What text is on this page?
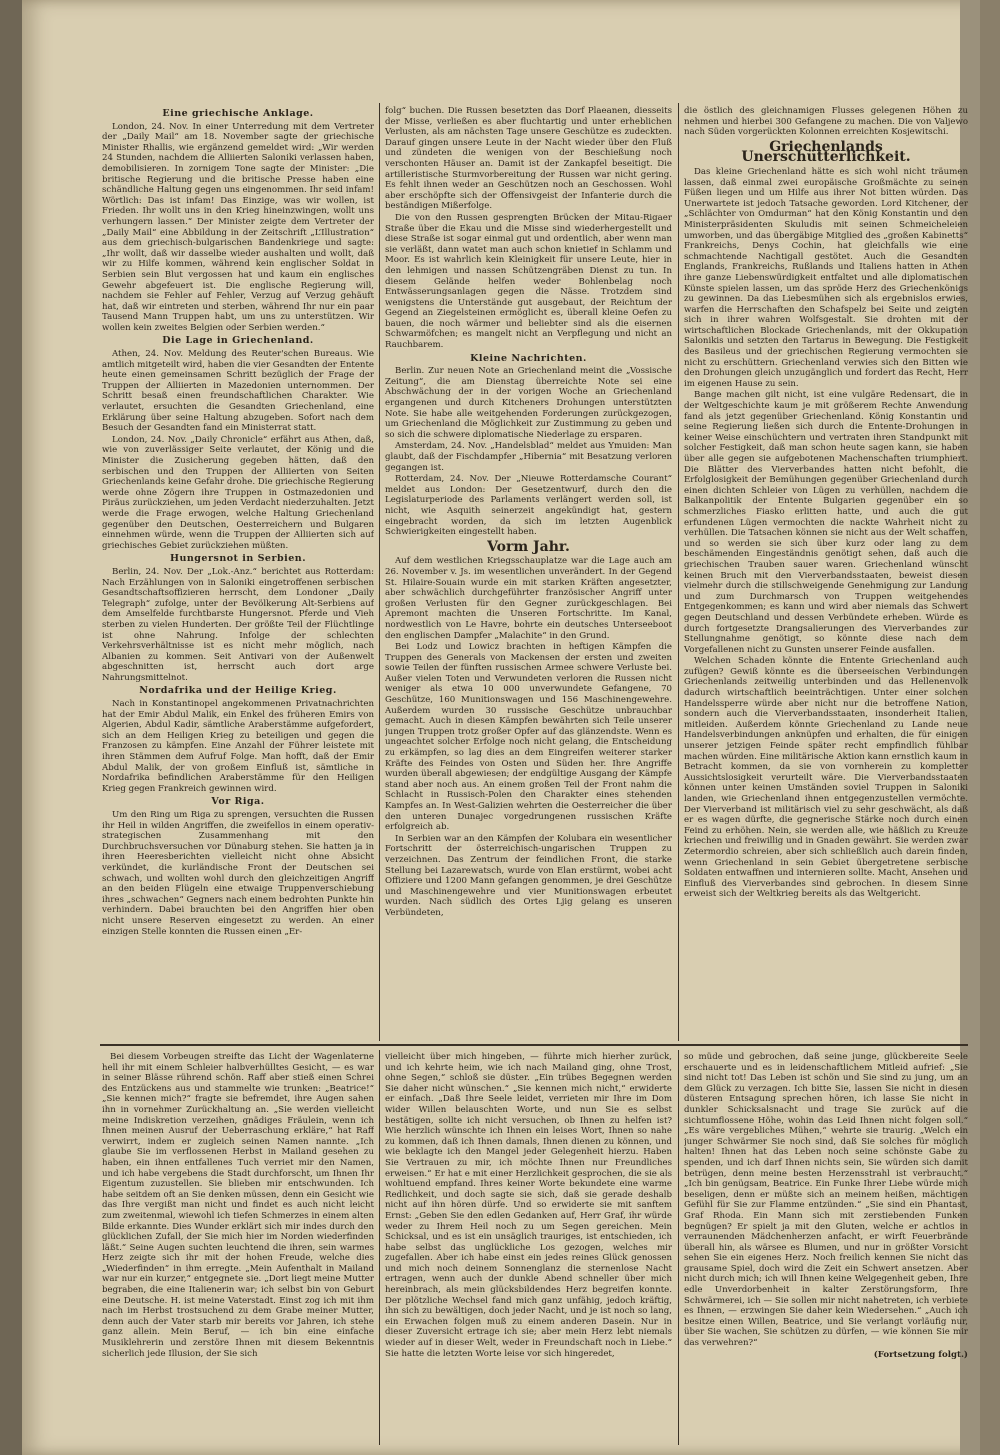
Eine griechische Anklage.

London, 24. Nov. In einer Unterredung mit dem Vertreter der „Daily Mail“ am 18. November sagte der griechische Minister Rhallis, wie ergänzend gemeldet wird: „Wir werden 24 Stunden, nachdem die Alliierten Saloniki verlassen haben, demobilisieren. In zornigem Tone sagte der Minister: „Die britische Regierung und die britische Presse haben eine schändliche Haltung gegen uns eingenommen. Ihr seid infam! Wörtlich: Das ist infam! Das Einzige, was wir wollen, ist Frieden. Ihr wollt uns in den Krieg hineinzwingen, wollt uns verhungern lassen.“ Der Minister zeigte dem Vertreter der „Daily Mail“ eine Abbildung in der Zeitschrift „L’Illustration“ aus dem griechisch-bulgarischen Bandenkriege und sagte: „Ihr wollt, daß wir dasselbe wieder aushalten und wollt, daß wir zu Hilfe kommen, während kein englischer Soldat in Serbien sein Blut vergossen hat und kaum ein englisches Gewehr abgefeuert ist. Die englische Regierung will, nachdem sie Fehler auf Fehler, Verzug auf Verzug gehäuft hat, daß wir eintreten und sterben, während Ihr nur ein paar Tausend Mann Truppen habt, um uns zu unterstützen. Wir wollen kein zweites Belgien oder Serbien werden.“

Die Lage in Griechenland.

Athen, 24. Nov. Meldung des Reuter'schen Bureaus. Wie amtlich mitgeteilt wird, haben die vier Gesandten der Entente heute einen gemeinsamen Schritt bezüglich der Frage der Truppen der Alliierten in Mazedonien unternommen. Der Schritt besaß einen freundschaftlichen Charakter. Wie verlautet, ersuchten die Gesandten Griechenland, eine Erklärung über seine Haltung abzugeben. Sofort nach dem Besuch der Gesandten fand ein Ministerrat statt.

London, 24. Nov. „Daily Chronicle“ erfährt aus Athen, daß, wie von zuverlässiger Seite verlautet, der König und die Minister die Zusicherung gegeben hätten, daß den serbischen und den Truppen der Alliierten von Seiten Griechenlands keine Gefahr drohe. Die griechische Regierung werde ohne Zögern ihre Truppen in Ostmazedonien und Piräus zurückziehen, um jeden Verdacht niederzuhalten. Jetzt werde die Frage erwogen, welche Haltung Griechenland gegenüber den Deutschen, Oesterreichern und Bulgaren einnehmen würde, wenn die Truppen der Alliierten sich auf griechisches Gebiet zurückziehen müßten.

Hungersnot in Serbien.

Berlin, 24. Nov. Der „Lok.-Anz.“ berichtet aus Rotterdam: Nach Erzählungen von in Saloniki eingetroffenen serbischen Gesandtschaftsoffizieren herrscht, dem Londoner „Daily Telegraph“ zufolge, unter der Bevölkerung Alt-Serbiens auf dem Amselfelde furchtbarste Hungersnot. Pferde und Vieh sterben zu vielen Hunderten. Der größte Teil der Flüchtlinge ist ohne Nahrung. Infolge der schlechten Verkehrsverhältnisse ist es nicht mehr möglich, nach Albanien zu kommen. Seit Antivari von der Außenwelt abgeschnitten ist, herrscht auch dort arge Nahrungsmittelnot.

Nordafrika und der Heilige Krieg.

Nach in Konstantinopel angekommenen Privatnachrichten hat der Emir Abdul Malik, ein Enkel des früheren Emirs von Algerien, Abdul Kadir, sämtliche Araberstämme aufgefordert, sich an dem Heiligen Krieg zu beteiligen und gegen die Franzosen zu kämpfen. Eine Anzahl der Führer leistete mit ihren Stämmen dem Aufruf Folge. Man hofft, daß der Emir Abdul Malik, der von großem Einfluß ist, sämtliche in Nordafrika befindlichen Araberstämme für den Heiligen Krieg gegen Frankreich gewinnen wird.

Vor Riga.

Um den Ring um Riga zu sprengen, versuchten die Russen ihr Heil in wilden Angriffen, die zweifellos in einem operativ-strategischen Zusammenhang mit den Durchbruchsversuchen vor Dünaburg stehen. Sie hatten ja in ihren Heeresberichten vielleicht nicht ohne Absicht verkündet, die kurländische Front der Deutschen sei schwach, und wollten wohl durch den gleichzeitigen Angriff an den beiden Flügeln eine etwaige Truppenverschiebung ihres „schwachen“ Gegners nach einem bedrohten Punkte hin verhindern. Dabei brauchten bei den Angriffen hier oben nicht unsere Reserven eingesetzt zu werden. An einer einzigen Stelle konnten die Russen einen „Er-

folg“ buchen. Die Russen besetzten das Dorf Plaeanen, diesseits der Misse, verließen es aber fluchtartig und unter erheblichen Verlusten, als am nächsten Tage unsere Geschütze es zudeckten. Darauf gingen unsere Leute in der Nacht wieder über den Fluß und zündeten die wenigen von der Beschießung noch verschonten Häuser an. Damit ist der Zankapfel beseitigt. Die artilleristische Sturmvorbereitung der Russen war nicht gering. Es fehlt ihnen weder an Geschützen noch an Geschossen. Wohl aber erschöpfte sich der Offensivgeist der Infanterie durch die beständigen Mißerfolge.

Die von den Russen gesprengten Brücken der Mitau-Rigaer Straße über die Ekau und die Misse sind wiederhergestellt und diese Straße ist sogar einmal gut und ordentlich, aber wenn man sie verläßt, dann watet man auch schon knietief in Schlamm und Moor. Es ist wahrlich kein Kleinigkeit für unsere Leute, hier in den lehmigen und nassen Schützengräben Dienst zu tun. In diesem Gelände helfen weder Bohlenbelag noch Entwässerungsanlagen gegen die Nässe. Trotzdem sind wenigstens die Unterstände gut ausgebaut, der Reichtum der Gegend an Ziegelsteinen ermöglicht es, überall kleine Oefen zu bauen, die noch wärmer und beliebter sind als die eisernen Schwarmöfchen; es mangelt nicht an Verpflegung und nicht an Rauchbarem.

Kleine Nachrichten.

Berlin. Zur neuen Note an Griechenland meint die „Vossische Zeitung“, die am Dienstag überreichte Note sei eine Abschwächung der in der vorigen Woche an Griechenland ergangenen und durch Kitcheners Drohungen unterstützten Note. Sie habe alle weitgehenden Forderungen zurückgezogen, um Griechenland die Möglichkeit zur Zustimmung zu geben und so sich die schwere diplomatische Niederlage zu ersparen.

Amsterdam, 24. Nov. „Handelsblad“ meldet aus Ymuiden: Man glaubt, daß der Fischdampfer „Hibernia“ mit Besatzung verloren gegangen ist.

Rotterdam, 24. Nov. Der „Nieuwe Rotterdamsche Courant“ meldet aus London: Der Gesetzentwurf, durch den die Legislaturperiode des Parlaments verlängert werden soll, ist nicht, wie Asquith seinerzeit angekündigt hat, gestern eingebracht worden, da sich im letzten Augenblick Schwierigkeiten eingestellt haben.

Vorm Jahr.

Auf dem westlichen Kriegsschauplatze war die Lage auch am 26. November v. Js. im wesentlichen unverändert. In der Gegend St. Hilaire-Souain wurde ein mit starken Kräften angesetzter, aber schwächlich durchgeführter französischer Angriff unter großen Verlusten für den Gegner zurückgeschlagen. Bei Apremont machten die Unseren Fortschritte. Im Kanal, nordwestlich von Le Havre, bohrte ein deutsches Unterseeboot den englischen Dampfer „Malachite“ in den Grund.

Bei Lodz und Lowicz brachten in heftigen Kämpfen die Truppen des Generals von Mackensen der ersten und zweiten sowie Teilen der fünften russischen Armee schwere Verluste bei. Außer vielen Toten und Verwundeten verloren die Russen nicht weniger als etwa 10 000 unverwundete Gefangene, 70 Geschütze, 160 Munitionswagen und 156 Maschinengewehre. Außerdem wurden 30 russische Geschütze unbrauchbar gemacht. Auch in diesen Kämpfen bewährten sich Teile unserer jungen Truppen trotz großer Opfer auf das glänzendste. Wenn es ungeachtet solcher Erfolge noch nicht gelang, die Entscheidung zu erkämpfen, so lag dies an dem Eingreifen weiterer starker Kräfte des Feindes von Osten und Süden her. Ihre Angriffe wurden überall abgewiesen; der endgültige Ausgang der Kämpfe stand aber noch aus. An einem großen Teil der Front nahm die Schlacht in Russisch-Polen den Charakter eines stehenden Kampfes an. In West-Galizien wehrten die Oesterreicher die über den unteren Dunajec vorgedrungenen russischen Kräfte erfolgreich ab.

In Serbien war an den Kämpfen der Kolubara ein wesentlicher Fortschritt der österreichisch-ungarischen Truppen zu verzeichnen. Das Zentrum der feindlichen Front, die starke Stellung bei Lazarewatsch, wurde von Elan erstürmt, wobei acht Offiziere und 1200 Mann gefangen genommen, je drei Geschütze und Maschinengewehre und vier Munitionswagen erbeutet wurden. Nach südlich des Ortes Ljig gelang es unseren Verbündeten,

die östlich des gleichnamigen Flusses gelegenen Höhen zu nehmen und hierbei 300 Gefangene zu machen. Die von Valjewo nach Süden vorgerückten Kolonnen erreichten Kosjewitschi.

Griechenlands Unerschütterlichkeit.

Das kleine Griechenland hätte es sich wohl nicht träumen lassen, daß einmal zwei europäische Großmächte zu seinen Füßen liegen und um Hilfe aus ihrer Not bitten würden. Das Unerwartete ist jedoch Tatsache geworden. Lord Kitchener, der „Schlächter von Omdurman“ hat den König Konstantin und den Ministerpräsidenten Skuludis mit seinen Schmeicheleien umworben, und das übergäbige Mitglied des „großen Kabinetts“ Frankreichs, Denys Cochin, hat gleichfalls wie eine schmachtende Nachtigall gestötet. Auch die Gesandten Englands, Frankreichs, Rußlands und Italiens hatten in Athen ihre ganze Liebenswürdigkeit entfaltet und alle diplomatischen Künste spielen lassen, um das spröde Herz des Griechenkönigs zu gewinnen. Da das Liebesmühen sich als ergebnislos erwies, warfen die Herrschaften den Schafspelz bei Seite und zeigten sich in ihrer wahren Wolfsgestalt. Sie drohten mit der wirtschaftlichen Blockade Griechenlands, mit der Okkupation Salonikis und setzten den Tartarus in Bewegung. Die Festigkeit des Basileus und der griechischen Regierung vermochten sie nicht zu erschüttern. Griechenland verwies sich den Bitten wie den Drohungen gleich unzugänglich und fordert das Recht, Herr im eigenen Hause zu sein.

Bange machen gilt nicht, ist eine vulgäre Redensart, die in der Weltgeschichte kaum je mit größerem Rechte Anwendung fand als jetzt gegenüber Griechenland. König Konstantin und seine Regierung ließen sich durch die Entente-Drohungen in keiner Weise einschüchtern und vertraten ihren Standpunkt mit solcher Festigkeit, daß man schon heute sagen kann, sie haben über alle gegen sie aufgebotenen Machenschaften triumphiert. Die Blätter des Vierverbandes hatten nicht befohlt, die Erfolglosigkeit der Bemühungen gegenüber Griechenland durch einen dichten Schleier von Lügen zu verhüllen, nachdem die Balkanpolitik der Entente Bulgarien gegenüber ein so schmerzliches Fiasko erlitten hatte, und auch die gut erfundenen Lügen vermochten die nackte Wahrheit nicht zu verhüllen. Die Tatsachen können sie nicht aus der Welt schaffen, und so werden sie sich über kurz oder lang zu dem beschämenden Eingeständnis genötigt sehen, daß auch die griechischen Trauben sauer waren. Griechenland wünscht keinen Bruch mit den Vierverbandsstaaten, beweist diesen vielmehr durch die stillschweigende Genehmigung zur Landung und zum Durchmarsch von Truppen weitgehendes Entgegenkommen; es kann und wird aber niemals das Schwert gegen Deutschland und dessen Verbündete erheben. Würde es durch fortgesetzte Drangsalierungen des Vierverbandes zur Stellungnahme genötigt, so könnte diese nach dem Vorgefallenen nicht zu Gunsten unserer Feinde ausfallen.

Welchen Schaden könnte die Entente Griechenland auch zufügen? Gewiß könnte es die überseeischen Verbindungen Griechenlands zeitweilig unterbinden und das Hellenenvolk dadurch wirtschaftlich beeinträchtigen. Unter einer solchen Handelssperre würde aber nicht nur die betroffene Nation, sondern auch die Vierverbandsstaaten, insonderheit Italien, mitleiden. Außerdem könnte Griechenland zu Lande neue Handelsverbindungen anknüpfen und erhalten, die für einigen unserer jetzigen Feinde später recht empfindlich fühlbar machen würden. Eine militärische Aktion kann ernstlich kaum in Betracht kommen, da sie von vornherein zu kompletter Aussichtslosigkeit verurteilt wäre. Die Vierverbandsstaaten können unter keinen Umständen soviel Truppen in Saloniki landen, wie Griechenland ihnen entgegenzustellen vermöchte. Der Vierverband ist militärisch viel zu sehr geschwächt, als daß er es wagen dürfte, die gegnerische Stärke noch durch einen Feind zu erhöhen. Nein, sie werden alle, wie häßlich zu Kreuze kriechen und freiwillig und in Gnaden gewährt. Sie werden zwar Zetermordio schreien, aber sich schließlich auch darein finden, wenn Griechenland in sein Gebiet übergetretene serbische Soldaten entwaffnen und internieren sollte. Macht, Ansehen und Einfluß des Vierverbandes sind gebrochen. In diesem Sinne erweist sich der Weltkrieg bereits als das Weltgericht.

Bei diesem Vorbeugen streifte das Licht der Wagenlaterne hell ihr mit einem Schleier halbverhülltes Gesicht, — es war in seiner Blässe rührend schön. Raff aber stieß einen Schrei des Entzückens aus und stammelte wie trunken: „Beatrice!“ „Sie kennen mich?“ fragte sie befremdet, ihre Augen sahen ihn in vornehmer Zurückhaltung an. „Sie werden vielleicht meine Indiskretion verzeihen, gnädiges Fräulein, wenn ich Ihnen meinen Ausruf der Ueberraschung erkläre,“ hat Raff verwirrt, indem er zugleich seinen Namen nannte. „Ich glaube Sie im verflossenen Herbst in Mailand gesehen zu haben, ein ihnen entfallenes Tuch verriet mir den Namen, und ich habe vergebens die Stadt durchforscht, um Ihnen Ihr Eigentum zuzustellen. Sie blieben mir entschwunden. Ich habe seitdem oft an Sie denken müssen, denn ein Gesicht wie das Ihre vergißt man nicht und findet es auch nicht leicht zum zweitenmal, wiewohl ich tiefen Schmerzes in einem alten Bilde erkannte. Dies Wunder erklärt sich mir indes durch den glücklichen Zufall, der Sie mich hier im Norden wiederfinden läßt.“ Seine Augen suchten leuchtend die ihren, sein warmes Herz zeigte sich ihr mit der hohen Freude, welche dies „Wiederfinden“ in ihm erregte. „Mein Aufenthalt in Mailand war nur ein kurzer,“ entgegnete sie. „Dort liegt meine Mutter begraben, die eine Italienerin war; ich selbst bin von Geburt eine Deutsche. H. ist meine Vaterstadt. Einst zog ich mit ihm nach im Herbst trostsuchend zu dem Grabe meiner Mutter, denn auch der Vater starb mir bereits vor Jahren, ich stehe ganz allein. Mein Beruf, — ich bin eine einfache Musiklehrerin und zerstöre Ihnen mit diesem Bekenntnis sicherlich jede Illusion, der Sie sich

vielleicht über mich hingeben, — führte mich hierher zurück, und ich kehrte heim, wie ich nach Mailand ging, ohne Trost, ohne Segen,“ schloß sie düster. „Ein trübes Begegnen werden Sie daher nicht wünschen.“ „Sie kennen mich nicht,“ erwiderte er einfach. „Daß Ihre Seele leidet, verrieten mir Ihre im Dom wider Willen belauschten Worte, und nun Sie es selbst bestätigen, sollte ich nicht versuchen, ob Ihnen zu helfen ist? Wie herzlich wünschte ich Ihnen ein leises Wort, Ihnen so nahe zu kommen, daß ich Ihnen damals, Ihnen dienen zu können, und wie beklagte ich den Mangel jeder Gelegenheit hierzu. Haben Sie Vertrauen zu mir, ich möchte Ihnen nur Freundliches erweisen.“ Er hat e mit einer Herzlichkeit gesprochen, die sie als wohltuend empfand. Ihres keiner Worte bekundete eine warme Redlichkeit, und doch sagte sie sich, daß sie gerade deshalb nicht auf ihn hören dürfe. Und so erwiderte sie mit sanftem Ernst: „Geben Sie den edlen Gedanken auf, Herr Graf, ihr würde weder zu Ihrem Heil noch zu um Segen gereichen. Mein Schicksal, und es ist ein unsäglich trauriges, ist entschieden, ich habe selbst das unglückliche Los gezogen, welches mir zugefallen. Aber ich habe einst ein jedes reines Glück genossen und mich noch deinem Sonnenglanz die sternenlose Nacht ertragen, wenn auch der dunkle Abend schneller über mich hereinbrach, als mein glücksbildendes Herz begreifen konnte. Der plötzliche Wechsel fand mich ganz unfähig, jedoch kräftig, ihn sich zu bewältigen, doch jeder Nacht, und je ist noch so lang, ein Erwachen folgen muß zu einem anderen Dasein. Nur in dieser Zuversicht ertrage ich sie; aber mein Herz lebt niemals wieder auf in dieser Welt, weder in Freundschaft noch in Liebe.“ Sie hatte die letzten Worte leise vor sich hingeredet,

so müde und gebrochen, daß seine junge, glückbereite Seele erschauerte und es in leidenschaftlichem Mitleid aufrief: „Sie sind nicht tot! Das Leben ist schön und Sie sind zu jung, um an dem Glück zu verzagen. Ich bitte Sie, lassen Sie nicht in diesen düsteren Entsagung sprechen hören, ich lasse Sie nicht in dunkler Schicksalsnacht und trage Sie zurück auf die sichtumflossene Höhe, wohin das Leid Ihnen nicht folgen soll.“ „Es wäre vergebliches Mühen,“ wehrte sie traurig. „Welch ein junger Schwärmer Sie noch sind, daß Sie solches für möglich halten! Ihnen hat das Leben noch seine schönste Gabe zu spenden, und ich darf Ihnen nichts sein, Sie würden sich damit betrügen, denn meine besten Herzensstrahl ist verbraucht.“ „Ich bin genügsam, Beatrice. Ein Funke Ihrer Liebe würde mich beseligen, denn er müßte sich an meinem heißen, mächtigen Gefühl für Sie zur Flamme entzünden.“ „Sie sind ein Phantast, Graf Rhoda. Ein Mann sich mit zerstiebenden Funken begnügen? Er spielt ja mit den Gluten, welche er achtlos in verraunenden Mädchenherzen anfacht, er wirft Feuerbrände überall hin, als wärsee es Blumen, und nur in größter Vorsicht sehen Sie ein eigenes Herz. Noch freilich kennen Sie nicht das grausame Spiel, doch wird die Zeit ein Schwert ansetzen. Aber nicht durch mich; ich will Ihnen keine Welgegenheit geben, Ihre edle Unverdorbenheit in kalter Zerstörungsform, Ihre Schwärmerei, ich — Sie sollen mir nicht nahetreten, ich verbiete es Ihnen, — erzwingen Sie daher kein Wiedersehen.“ „Auch ich besitze einen Willen, Beatrice, und Sie verlangt vorläufig nur, über Sie wachen, Sie schützen zu dürfen, — wie können Sie mir das verwehren?“

(Fortsetzung folgt.)
